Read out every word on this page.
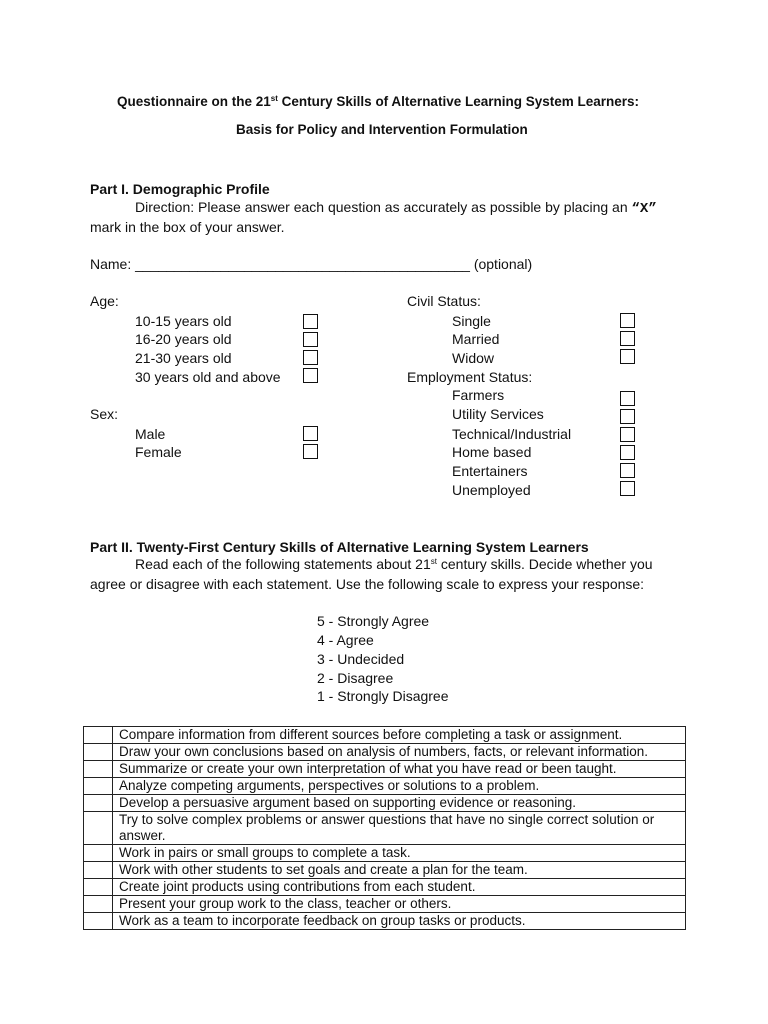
Questionnaire on the 21st Century Skills of Alternative Learning System Learners:
Basis for Policy and Intervention Formulation
Part I. Demographic Profile
Direction: Please answer each question as accurately as possible by placing an “X”
mark in the box of your answer.
Name: ___________________________________________ (optional)
Age:
10-15 years old
16-20 years old
21-30 years old
30 years old and above
Sex:
Male
Female
Civil Status:
Single
Married
Widow
Employment Status:
Farmers
Utility Services
Technical/Industrial
Home based
Entertainers
Unemployed
Part II. Twenty-First Century Skills of Alternative Learning System Learners
Read each of the following statements about 21st century skills. Decide whether you
agree or disagree with each statement. Use the following scale to express your response:
5 - Strongly Agree
4 - Agree
3 - Undecided
2 - Disagree
1 - Strongly Disagree
	Compare information from different sources before completing a task or assignment.
	Draw your own conclusions based on analysis of numbers, facts, or relevant information.
	Summarize or create your own interpretation of what you have read or been taught.
	Analyze competing arguments, perspectives or solutions to a problem.
	Develop a persuasive argument based on supporting evidence or reasoning.
	Try to solve complex problems or answer questions that have no single correct solution or answer.
	Work in pairs or small groups to complete a task.
	Work with other students to set goals and create a plan for the team.
	Create joint products using contributions from each student.
	Present your group work to the class, teacher or others.
	Work as a team to incorporate feedback on group tasks or products.
